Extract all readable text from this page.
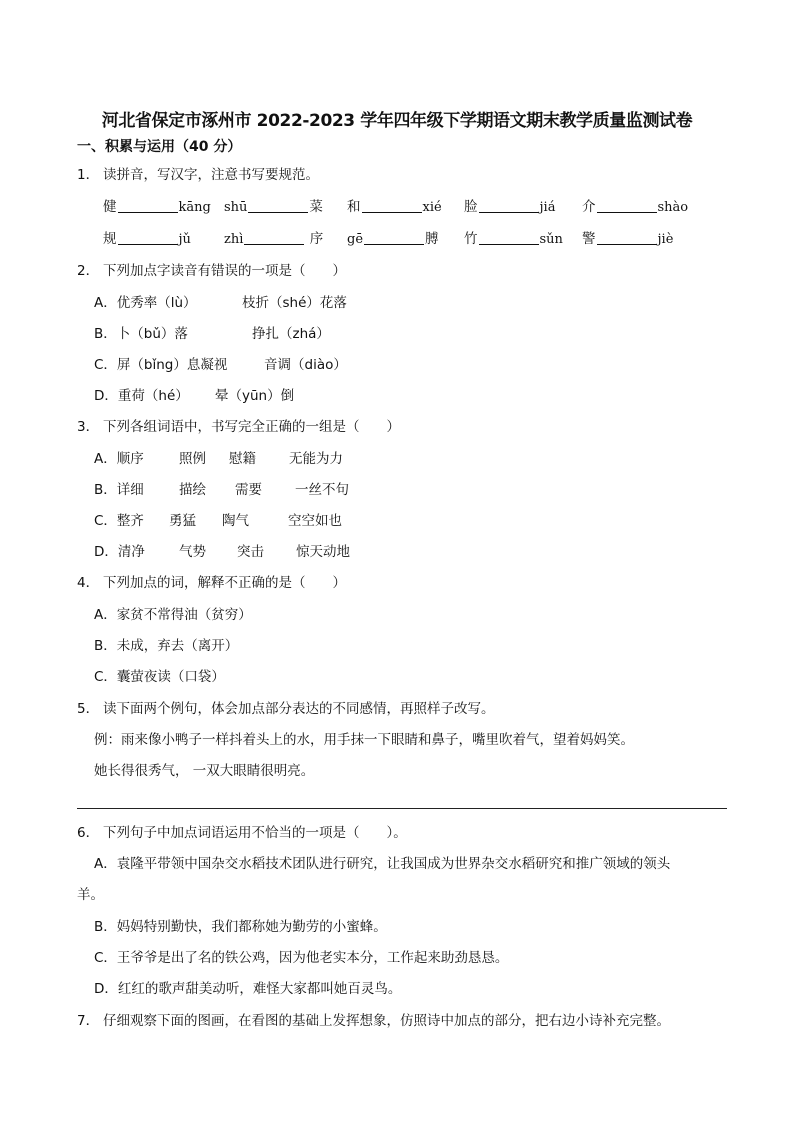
河北省保定市涿州市 2022-2023 学年四年级下学期语文期末教学质量监测试卷
一、积累与运用（40 分）
1． 读拼音，写汉字，注意书写要规范。
健	kāng shū	菜 和	xié 脸	jiá 介	shào
规	jǔ	zhì	序 gē	膊 竹	sǔn 警	jiè
2． 下列加点字读音有错误的一项是（　　）
A．优秀率（lù）	枝折（shé）花落
B．卜（bǔ）落	挣扎（zhá）
C．屏（bǐng）息凝视	音调（diào）
D．重荷（hé） 晕（yūn）倒
3． 下列各组词语中，书写完全正确的一组是（　　）
A．顺序	照例 慰籍 无能为力
B．详细	描绘 需要 一丝不句
C．整齐 勇猛 陶气	空空如也
D．清净	气势 突击 惊天动地
4． 下列加点的词，解释不正确的是（　　）
A．家贫不常得油（贫穷）
B．未成，弃去（离开）
C．囊萤夜读（口袋）
5． 读下面两个例句，体会加点部分表达的不同感情，再照样子改写。
例：雨来像小鸭子一样抖着头上的水，用手抹一下眼睛和鼻子，嘴里吹着气，望着妈妈笑。
她长得很秀气， 一双大眼睛很明亮。
6． 下列句子中加点词语运用不恰当的一项是（　　）。
A．袁隆平带领中国杂交水稻技术团队进行研究，让我国成为世界杂交水稻研究和推广领域的领头
羊。
B．妈妈特别勤快，我们都称她为勤劳的小蜜蜂。
C．王爷爷是出了名的铁公鸡，因为他老实本分，工作起来助劲恳恳。
D．红红的歌声甜美动听，难怪大家都叫她百灵鸟。
7． 仔细观察下面的图画，在看图的基础上发挥想象，仿照诗中加点的部分，把右边小诗补充完整。
